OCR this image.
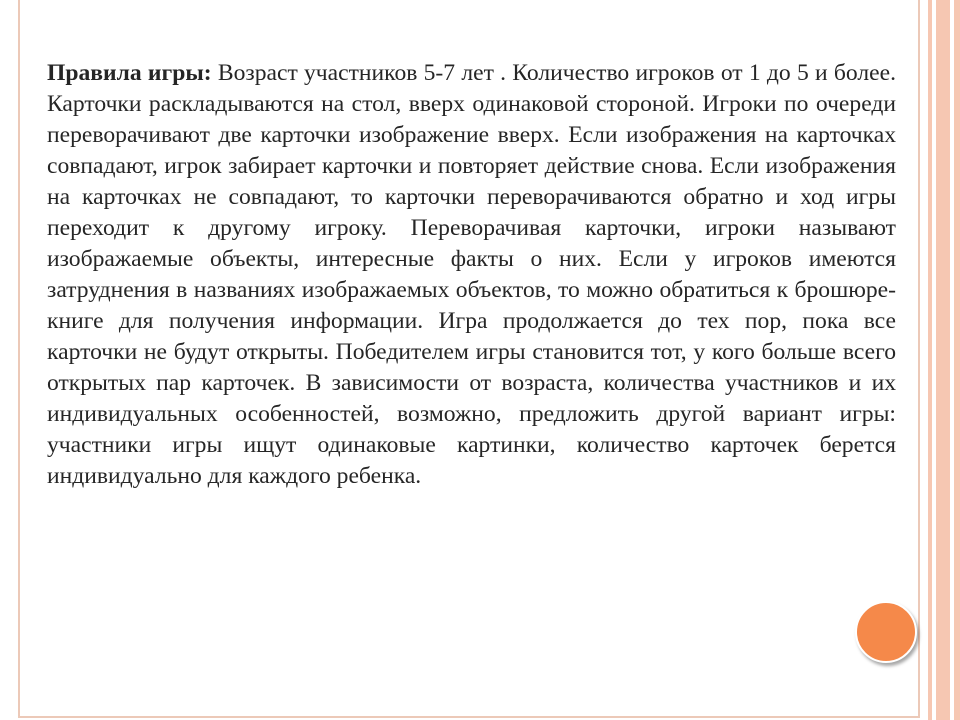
Правила игры: Возраст участников 5-7 лет . Количество игроков от 1 до 5 и более. Карточки раскладываются на стол, вверх одинаковой стороной. Игроки по очереди переворачивают две карточки изображение вверх. Если изображения на карточках совпадают, игрок забирает карточки и повторяет действие снова. Если изображения на карточках не совпадают, то карточки переворачиваются обратно и ход игры переходит к другому игроку. Переворачивая карточки, игроки называют изображаемые объекты, интересные факты о них. Если у игроков имеются затруднения в названиях изображаемых объектов, то можно обратиться к брошюре-книге для получения информации. Игра продолжается до тех пор, пока все карточки не будут открыты. Победителем игры становится тот, у кого больше всего открытых пар карточек. В зависимости от возраста, количества участников и их индивидуальных особенностей, возможно, предложить другой вариант игры: участники игры ищут одинаковые картинки, количество карточек берется индивидуально для каждого ребенка.
